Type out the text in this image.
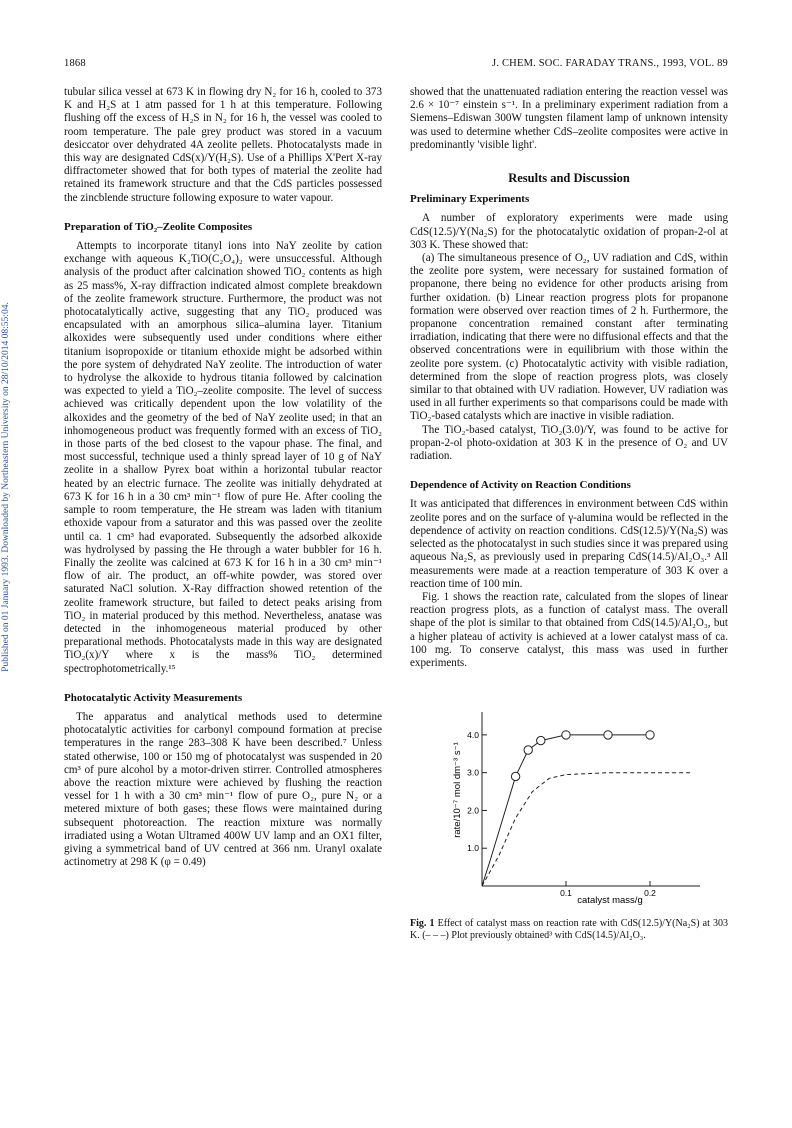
1868	J. CHEM. SOC. FARADAY TRANS., 1993, VOL. 89
Published on 01 January 1993. Downloaded by Northeastern University on 28/10/2014 08:55:04.

tubular silica vessel at 673 K in flowing dry N₂ for 16 h, cooled to 373 K and H₂S at 1 atm passed for 1 h at this temperature. Following flushing off the excess of H₂S in N₂ for 16 h, the vessel was cooled to room temperature. The pale grey product was stored in a vacuum desiccator over dehydrated 4A zeolite pellets. Photocatalysts made in this way are designated CdS(x)/Y(H₂S). Use of a Phillips X'Pert X-ray diffractometer showed that for both types of material the zeolite had retained its framework structure and that the CdS particles possessed the zincblende structure following exposure to water vapour.

Preparation of TiO₂–Zeolite Composites

Attempts to incorporate titanyl ions into NaY zeolite by cation exchange with aqueous K₂TiO(C₂O₄)₂ were unsuccessful. Although analysis of the product after calcination showed TiO₂ contents as high as 25 mass%, X-ray diffraction indicated almost complete breakdown of the zeolite framework structure. Furthermore, the product was not photocatalytically active, suggesting that any TiO₂ produced was encapsulated with an amorphous silica–alumina layer. Titanium alkoxides were subsequently used under conditions where either titanium isopropoxide or titanium ethoxide might be adsorbed within the pore system of dehydrated NaY zeolite. The introduction of water to hydrolyse the alkoxide to hydrous titania followed by calcination was expected to yield a TiO₂–zeolite composite. The level of success achieved was critically dependent upon the low volatility of the alkoxides and the geometry of the bed of NaY zeolite used; in that an inhomogeneous product was frequently formed with an excess of TiO₂ in those parts of the bed closest to the vapour phase. The final, and most successful, technique used a thinly spread layer of 10 g of NaY zeolite in a shallow Pyrex boat within a horizontal tubular reactor heated by an electric furnace. The zeolite was initially dehydrated at 673 K for 16 h in a 30 cm³ min⁻¹ flow of pure He. After cooling the sample to room temperature, the He stream was laden with titanium ethoxide vapour from a saturator and this was passed over the zeolite until ca. 1 cm³ had evaporated. Subsequently the adsorbed alkoxide was hydrolysed by passing the He through a water bubbler for 16 h. Finally the zeolite was calcined at 673 K for 16 h in a 30 cm³ min⁻¹ flow of air. The product, an off-white powder, was stored over saturated NaCl solution. X-Ray diffraction showed retention of the zeolite framework structure, but failed to detect peaks arising from TiO₂ in material produced by this method. Nevertheless, anatase was detected in the inhomogeneous material produced by other preparational methods. Photocatalysts made in this way are designated TiO₂(x)/Y where x is the mass% TiO₂ determined spectrophotometrically.¹⁵

Photocatalytic Activity Measurements

The apparatus and analytical methods used to determine photocatalytic activities for carbonyl compound formation at precise temperatures in the range 283–308 K have been described.⁷ Unless stated otherwise, 100 or 150 mg of photocatalyst was suspended in 20 cm³ of pure alcohol by a motor-driven stirrer. Controlled atmospheres above the reaction mixture were achieved by flushing the reaction vessel for 1 h with a 30 cm³ min⁻¹ flow of pure O₂, pure N₂ or a metered mixture of both gases; these flows were maintained during subsequent photoreaction. The reaction mixture was normally irradiated using a Wotan Ultramed 400W UV lamp and an OX1 filter, giving a symmetrical band of UV centred at 366 nm. Uranyl oxalate actinometry at 298 K (φ = 0.49)

showed that the unattenuated radiation entering the reaction vessel was 2.6 × 10⁻⁷ einstein s⁻¹. In a preliminary experiment radiation from a Siemens–Ediswan 300W tungsten filament lamp of unknown intensity was used to determine whether CdS–zeolite composites were active in predominantly 'visible light'.

Results and Discussion
Preliminary Experiments

A number of exploratory experiments were made using CdS(12.5)/Y(Na₂S) for the photocatalytic oxidation of propan-2-ol at 303 K. These showed that:

(a) The simultaneous presence of O₂, UV radiation and CdS, within the zeolite pore system, were necessary for sustained formation of propanone, there being no evidence for other products arising from further oxidation. (b) Linear reaction progress plots for propanone formation were observed over reaction times of 2 h. Furthermore, the propanone concentration remained constant after terminating irradiation, indicating that there were no diffusional effects and that the observed concentrations were in equilibrium with those within the zeolite pore system. (c) Photocatalytic activity with visible radiation, determined from the slope of reaction progress plots, was closely similar to that obtained with UV radiation. However, UV radiation was used in all further experiments so that comparisons could be made with TiO₂-based catalysts which are inactive in visible radiation.

The TiO₂-based catalyst, TiO₂(3.0)/Y, was found to be active for propan-2-ol photo-oxidation at 303 K in the presence of O₂ and UV radiation.

Dependence of Activity on Reaction Conditions

It was anticipated that differences in environment between CdS within zeolite pores and on the surface of γ-alumina would be reflected in the dependence of activity on reaction conditions. CdS(12.5)/Y(Na₂S) was selected as the photocatalyst in such studies since it was prepared using aqueous Na₂S, as previously used in preparing CdS(14.5)/Al₂O₃.³ All measurements were made at a reaction temperature of 303 K over a reaction time of 100 min.

Fig. 1 shows the reaction rate, calculated from the slopes of linear reaction progress plots, as a function of catalyst mass. The overall shape of the plot is similar to that obtained from CdS(14.5)/Al₂O₃, but a higher plateau of activity is achieved at a lower catalyst mass of ca. 100 mg. To conserve catalyst, this mass was used in further experiments.

1.0
2.0
3.0
4.0
0.1	0.2
rate/10⁻⁷ mol dm⁻³ s⁻¹
catalyst mass/g
Fig. 1 Effect of catalyst mass on reaction rate with CdS(12.5)/Y(Na₂S) at 303 K. (– – –) Plot previously obtained³ with CdS(14.5)/Al₂O₃.
